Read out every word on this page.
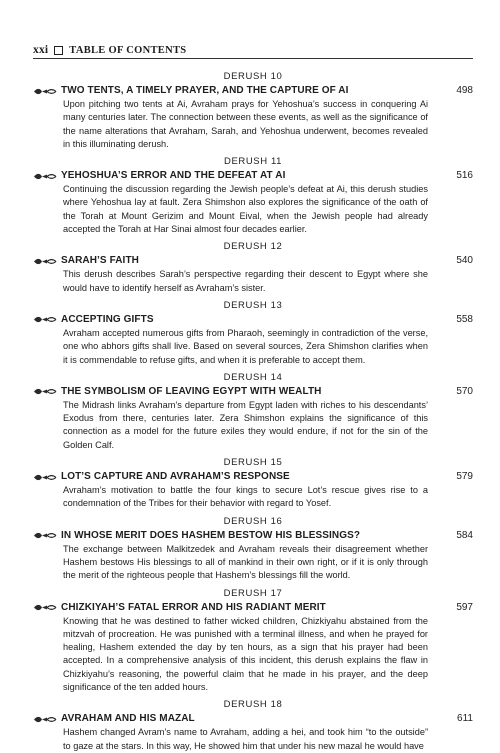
xxi TABLE OF CONTENTS
DERUSH 10
TWO TENTS, A TIMELY PRAYER, AND THE CAPTURE OF AI	498
Upon pitching two tents at Ai, Avraham prays for Yehoshua’s success in conquering Ai many centuries later. The connection between these events, as well as the significance of the name alterations that Avraham, Sarah, and Yehoshua underwent, becomes revealed in this illuminating derush.
DERUSH 11
YEHOSHUA’S ERROR AND THE DEFEAT AT AI	516
Continuing the discussion regarding the Jewish people’s defeat at Ai, this derush studies where Yehoshua lay at fault. Zera Shimshon also explores the significance of the oath of the Torah at Mount Gerizim and Mount Eival, when the Jewish people had already accepted the Torah at Har Sinai almost four decades earlier.
DERUSH 12
SARAH’S FAITH	540
This derush describes Sarah’s perspective regarding their descent to Egypt where she would have to identify herself as Avraham’s sister.
DERUSH 13
ACCEPTING GIFTS	558
Avraham accepted numerous gifts from Pharaoh, seemingly in contradiction of the verse, one who abhors gifts shall live. Based on several sources, Zera Shimshon clarifies when it is commendable to refuse gifts, and when it is preferable to accept them.
DERUSH 14
THE SYMBOLISM OF LEAVING EGYPT WITH WEALTH	570
The Midrash links Avraham’s departure from Egypt laden with riches to his descendants’ Exodus from there, centuries later. Zera Shimshon explains the significance of this connection as a model for the future exiles they would endure, if not for the sin of the Golden Calf.
DERUSH 15
LOT’S CAPTURE AND AVRAHAM’S RESPONSE	579
Avraham’s motivation to battle the four kings to secure Lot’s rescue gives rise to a condemnation of the Tribes for their behavior with regard to Yosef.
DERUSH 16
IN WHOSE MERIT DOES HASHEM BESTOW HIS BLESSINGS?	584
The exchange between Malkitzedek and Avraham reveals their disagreement whether Hashem bestows His blessings to all of mankind in their own right, or if it is only through the merit of the righteous people that Hashem’s blessings fill the world.
DERUSH 17
CHIZKIYAH’S FATAL ERROR AND HIS RADIANT MERIT	597
Knowing that he was destined to father wicked children, Chizkiyahu abstained from the mitzvah of procreation. He was punished with a terminal illness, and when he prayed for healing, Hashem extended the day by ten hours, as a sign that his prayer had been accepted. In a comprehensive analysis of this incident, this derush explains the flaw in Chizkiyahu’s reasoning, the powerful claim that he made in his prayer, and the deep significance of the ten added hours.
DERUSH 18
AVRAHAM AND HIS MAZAL	611
Hashem changed Avram’s name to Avraham, adding a hei, and took him “to the outside” to gaze at the stars. In this way, He showed him that under his new mazal he would have
